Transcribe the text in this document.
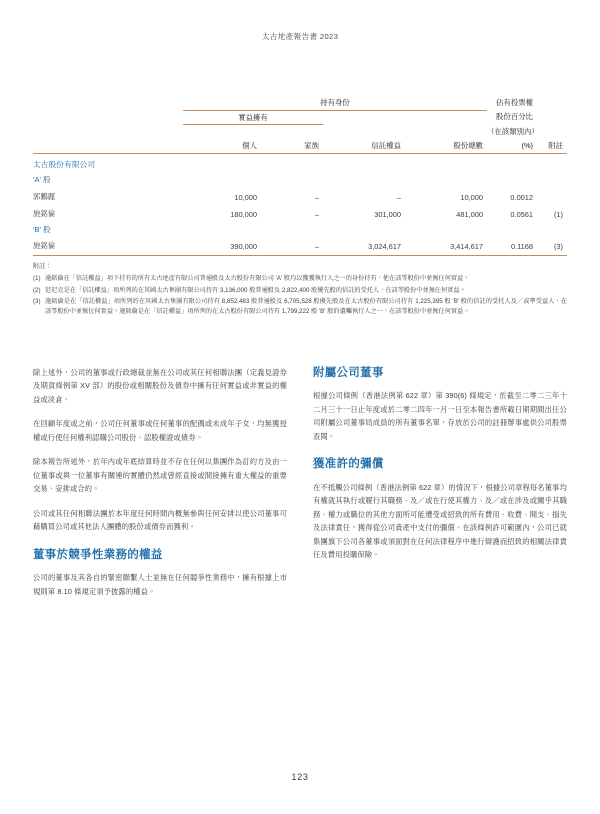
太古地產報告書 2023
	持有身份				佔有投票權	
	實益擁有				股份百分比	
					（在該類別內）	
	個人	家族	信託權益	股份總數	(%)	附註
太古股份有限公司						
'A' 股						
郭鵬麗	10,000	–	–	10,000	0.0012	
施銘倫	180,000	–	301,000	481,000	0.0561	(1)
'B' 股						
施銘倫	390,000	–	3,024,617	3,414,617	0.1168	(3)
附註：
(1) 施銘倫在「信託權益」項下持有的所有太古地產有限公司普通股及太古股份有限公司 'A' 股均以獲獲執行人之一的身份持有，他在該等股份中並無任何實益。
(2) 范尼克是在「信託權益」項所列的在英國太古集團有限公司持有 3,136,000 股普通股及 2,822,400 股優先股的信託的受托人，在該等股份中並無任何實益。
(3) 施銘倫是在「信託權益」項所列的在英國太古集團有限公司持有 8,852,483 股普通股及 6,705,528 股優先股及在太古股份有限公司持有 1,225,395 股 'B' 股的信託的受托人及／或準受益人，在該等股份中並無任何實益。施銘倫是在「信託權益」項所列的在太古股份有限公司持有 1,799,222 股 'B' 股的遺囑執行人之一，在該等股份中並無任何實益。

除上述外，公司的董事或行政總裁並無在公司或其任何相聯法團（定義見證券及期貨條例第 XV 部）的股份或相關股份及債券中擁有任何實益或非實益的權益或淡倉。

在回顧年度或之前，公司任何董事或任何董事的配偶或未成年子女，均無獲授權或行使任何權利認購公司股份、認股權證或債券。

除本報告所述外，於年內或年底結算時並不存在任何以集團作為訂約方及由一位董事或與一位董事有關連的實體仍然或曾經直接或間接擁有重大權益的重要交易、安排或合約。

公司或其任何相聯法團於本年度任何時間內概無參與任何安排以使公司董事可藉購買公司或其他法人團體的股份或債券而獲利。

董事於競爭性業務的權益

公司的董事及其各自的緊密聯繫人士並無在任何競爭性業務中，擁有根據上市規則第 8.10 條規定須予披露的權益。

附屬公司董事

根據公司條例（香港法例第 622 章）第 390(6) 條規定，於截至二零二三年十二月三十一日止年度或於二零二四年一月一日至本報告書所載日期期間出任公司附屬公司董事局成員的所有董事名單，存放於公司的註冊辦事處供公司股票查閱。

獲准許的彌償

在不抵觸公司條例（香港法例第 622 章）的情況下，根據公司章程每名董事均有權就其執行或履行其職務、及／或在行使其權力、及／或在涉及或關乎其職務、權力或職位的其他方面所可能遭受或招致的所有費用、收費、開支、損失及法律責任，獲得從公司資產中支付的彌償。在該條例許可範圍內，公司已就集團旗下公司各董事或須面對在任何法律程序中進行辯護而招致的相關法律責任及費用投購保險。

123
